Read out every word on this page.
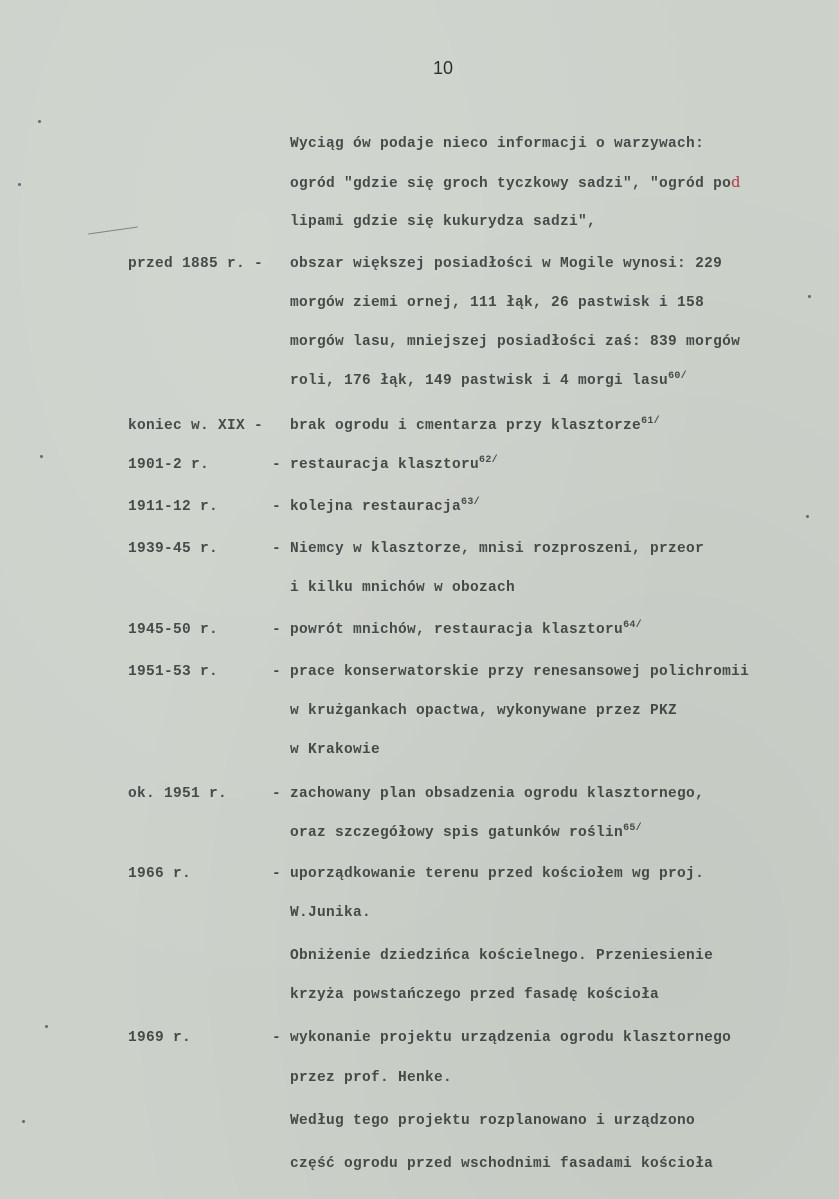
10
Wyciąg ów podaje nieco informacji o warzywach:
ogród "gdzie się groch tyczkowy sadzi", "ogród pod
lipami gdzie się kukurydza sadzi",
przed 1885 r. - obszar większej posiadłości w Mogile wynosi: 229
morgów ziemi ornej, 111 łąk, 26 pastwisk i 158
morgów lasu, mniejszej posiadłości zaś: 839 morgów
roli, 176 łąk, 149 pastwisk i 4 morgi lasu$^{60/}$
koniec w. XIX - brak ogrodu i cmentarza przy klasztorze$^{61/}$
1901-2 r.	- restauracja klasztoru$^{62/}$
1911-12 r.	- kolejna restauracja$^{63/}$
1939-45 r.	- Niemcy w klasztorze, mnisi rozproszeni, przeor
i kilku mnichów w obozach
1945-50 r.	- powrót mnichów, restauracja klasztoru$^{64/}$
1951-53 r.	- prace konserwatorskie przy renesansowej polichromii
w krużgankach opactwa, wykonywane przez PKZ
w Krakowie
ok. 1951 r.	- zachowany plan obsadzenia ogrodu klasztornego,
oraz szczegółowy spis gatunków roślin$^{65/}$
1966 r.	- uporządkowanie terenu przed kościołem wg proj.
W.Junika.
Obniżenie dziedzińca kościelnego. Przeniesienie
krzyża powstańczego przed fasadę kościoła
1969 r.	- wykonanie projektu urządzenia ogrodu klasztornego
przez prof. Henke.
Według tego projektu rozplanowano i urządzono
część ogrodu przed wschodnimi fasadami kościoła
